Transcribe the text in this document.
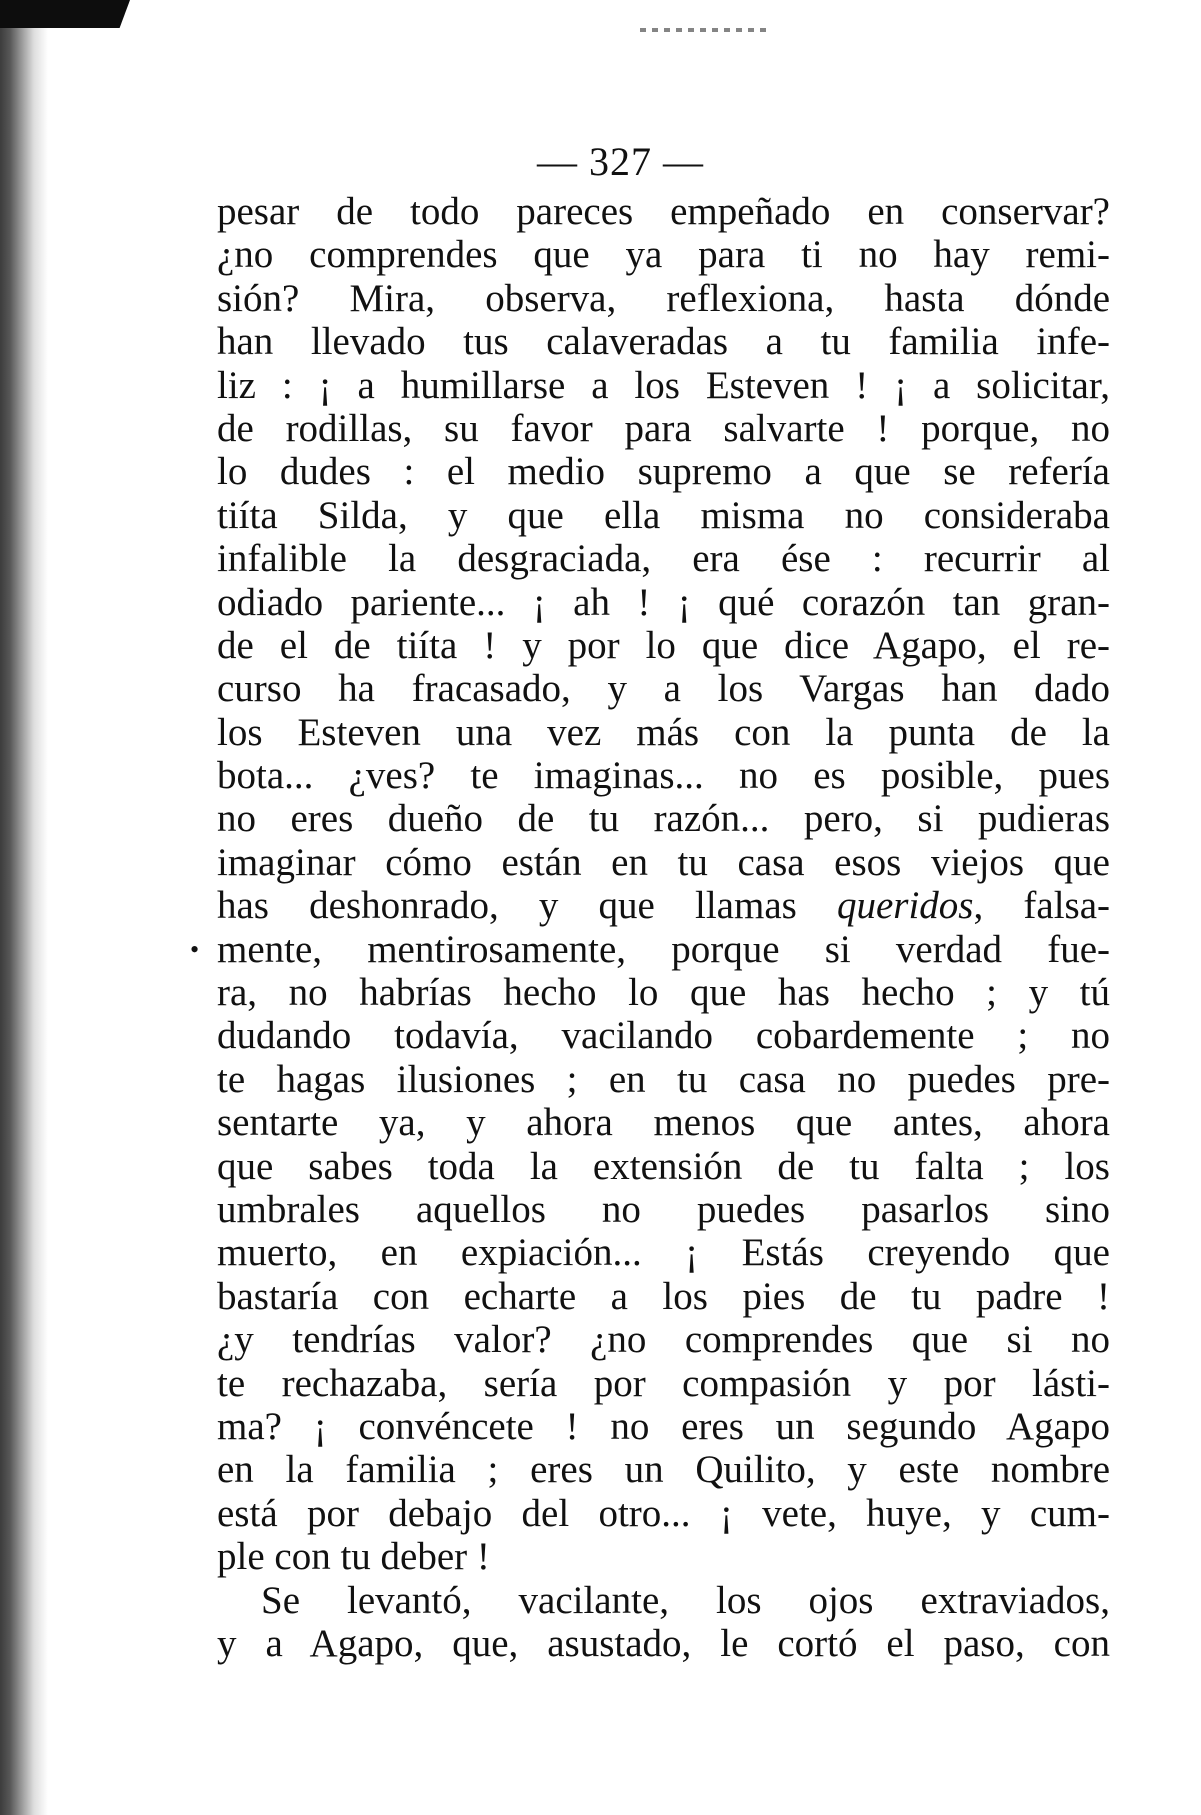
— 327 —
•
pesar de todo pareces empeñado en conservar?
¿no comprendes que ya para ti no hay remi-
sión? Mira, observa, reflexiona, hasta dónde
han llevado tus calaveradas a tu familia infe-
liz : ¡ a humillarse a los Esteven ! ¡ a solicitar,
de rodillas, su favor para salvarte ! porque, no
lo dudes : el medio supremo a que se refería
tiíta Silda, y que ella misma no consideraba
infalible la desgraciada, era ése : recurrir al
odiado pariente... ¡ ah ! ¡ qué corazón tan gran-
de el de tiíta ! y por lo que dice Agapo, el re-
curso ha fracasado, y a los Vargas han dado
los Esteven una vez más con la punta de la
bota... ¿ves? te imaginas... no es posible, pues
no eres dueño de tu razón... pero, si pudieras
imaginar cómo están en tu casa esos viejos que
has deshonrado, y que llamas queridos, falsa-
mente, mentirosamente, porque si verdad fue-
ra, no habrías hecho lo que has hecho ; y tú
dudando todavía, vacilando cobardemente ; no
te hagas ilusiones ; en tu casa no puedes pre-
sentarte ya, y ahora menos que antes, ahora
que sabes toda la extensión de tu falta ; los
umbrales aquellos no puedes pasarlos sino
muerto, en expiación... ¡ Estás creyendo que
bastaría con echarte a los pies de tu padre !
¿y tendrías valor? ¿no comprendes que si no
te rechazaba, sería por compasión y por lásti-
ma? ¡ convéncete ! no eres un segundo Agapo
en la familia ; eres un Quilito, y este nombre
está por debajo del otro... ¡ vete, huye, y cum-
ple con tu deber !
Se levantó, vacilante, los ojos extraviados,
y a Agapo, que, asustado, le cortó el paso, con
